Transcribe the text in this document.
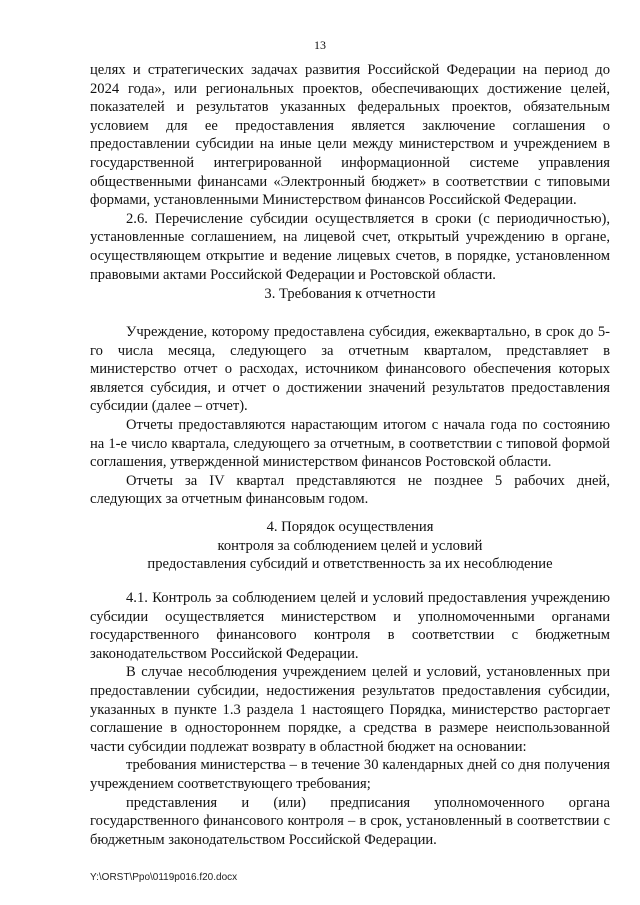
13

целях и стратегических задачах развития Российской Федерации на период до 2024 года», или региональных проектов, обеспечивающих достижение целей, показателей и результатов указанных федеральных проектов, обязательным условием для ее предоставления является заключение соглашения о предоставлении субсидии на иные цели между министерством и учреждением в государственной интегрированной информационной системе управления общественными финансами «Электронный бюджет» в соответствии с типовыми формами, установленными Министерством финансов Российской Федерации.

2.6. Перечисление субсидии осуществляется в сроки (с периодичностью), установленные соглашением, на лицевой счет, открытый учреждению в органе, осуществляющем открытие и ведение лицевых счетов, в порядке, установленном правовыми актами Российской Федерации и Ростовской области.

3. Требования к отчетности

Учреждение, которому предоставлена субсидия, ежеквартально, в срок до 5-го числа месяца, следующего за отчетным кварталом, представляет в министерство отчет о расходах, источником финансового обеспечения которых является субсидия, и отчет о достижении значений результатов предоставления субсидии (далее – отчет).

Отчеты предоставляются нарастающим итогом с начала года по состоянию на 1-е число квартала, следующего за отчетным, в соответствии с типовой формой соглашения, утвержденной министерством финансов Ростовской области.

Отчеты за IV квартал представляются не позднее 5 рабочих дней, следующих за отчетным финансовым годом.

4. Порядок осуществления

контроля за соблюдением целей и условий

предоставления субсидий и ответственность за их несоблюдение

4.1. Контроль за соблюдением целей и условий предоставления учреждению субсидии осуществляется министерством и уполномоченными органами государственного финансового контроля в соответствии с бюджетным законодательством Российской Федерации.

В случае несоблюдения учреждением целей и условий, установленных при предоставлении субсидии, недостижения результатов предоставления субсидии, указанных в пункте 1.3 раздела 1 настоящего Порядка, министерство расторгает соглашение в одностороннем порядке, а средства в размере неиспользованной части субсидии подлежат возврату в областной бюджет на основании:

требования министерства – в течение 30 календарных дней со дня получения учреждением соответствующего требования;

представления и (или) предписания уполномоченного органа государственного финансового контроля – в срок, установленный в соответствии с бюджетным законодательством Российской Федерации.

Y:\ORST\Ppo\0119p016.f20.docx
